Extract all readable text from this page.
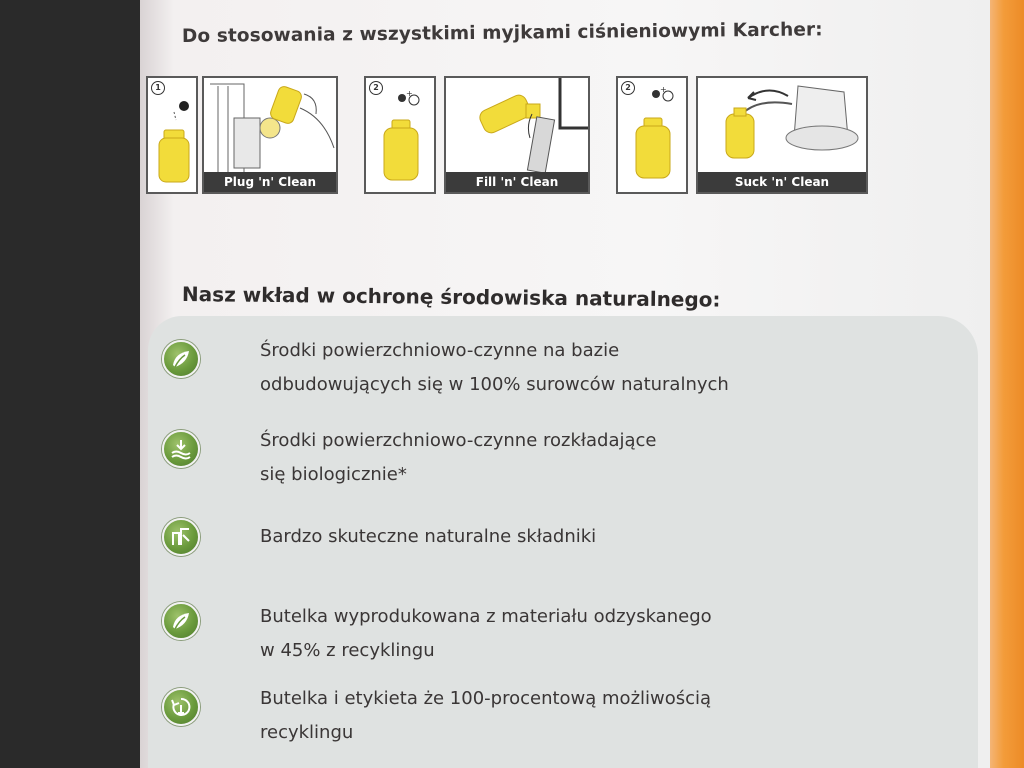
Do stosowania z wszystkimi myjkami ciśnieniowymi Karcher:
1
Plug 'n' Clean
2
+
Fill 'n' Clean
2	+
Suck 'n' Clean
Nasz wkład w ochronę środowiska naturalnego:
Środki powierzchniowo-czynne na bazie
odbudowujących się w 100% surowców naturalnych
Środki powierzchniowo-czynne rozkładające
się biologicznie*
Bardzo skuteczne naturalne składniki
Butelka wyprodukowana z materiału odzyskanego
w 45% z recyklingu
Butelka i etykieta że 100-procentową możliwością
recyklingu
